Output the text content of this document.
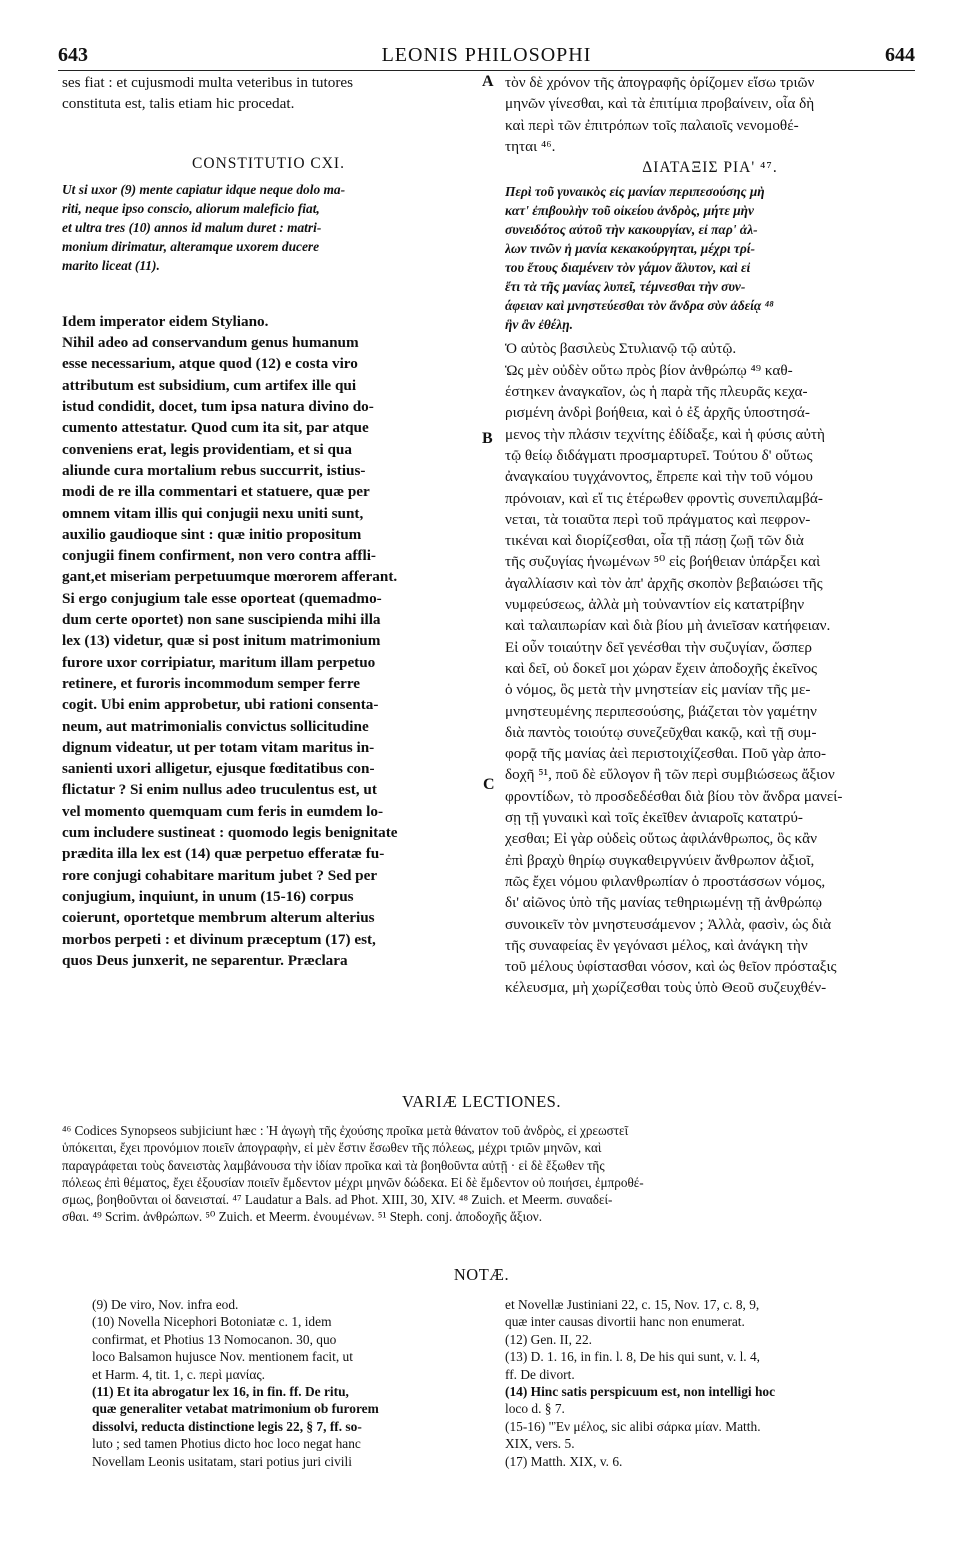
643	LEONIS PHILOSOPHI	644
ses fiat : et cujusmodi multa veteribus in tutores
constituta est, talis etiam hic procedat.
CONSTITUTIO CXI.
Ut si uxor (9) mente capiatur idque neque dolo ma-
riti, neque ipso conscio, aliorum maleficio fiat,
et ultra tres (10) annos id malum duret : matri-
monium dirimatur, alteramque uxorem ducere
marito liceat (11).
Idem imperator eidem Styliano.
Nihil adeo ad conservandum genus humanum
esse necessarium, atque quod (12) e costa viro
attributum est subsidium, cum artifex ille qui
istud condidit, docet, tum ipsa natura divino do-
cumento attestatur. Quod cum ita sit, par atque
conveniens erat, legis providentiam, et si qua
aliunde cura mortalium rebus succurrit, istius-
modi de re illa commentari et statuere, quæ per
omnem vitam illis qui conjugii nexu uniti sunt,
auxilio gaudioque sint : quæ initio propositum
conjugii finem confirment, non vero contra affli-
gant,et miseriam perpetuumque mœrorem afferant.
Si ergo conjugium tale esse oporteat (quemadmo-
dum certe oportet) non sane suscipienda mihi illa
lex (13) videtur, quæ si post initum matrimonium
furore uxor corripiatur, maritum illam perpetuo
retinere, et furoris incommodum semper ferre
cogit. Ubi enim approbetur, ubi rationi consenta-
neum, aut matrimonialis convictus sollicitudine
dignum videatur, ut per totam vitam maritus in-
sanienti uxori alligetur, ejusque fœditatibus con-
flictatur ? Si enim nullus adeo truculentus est, ut
vel momento quemquam cum feris in eumdem lo-
cum includere sustineat : quomodo legis benignitate
prædita illa lex est (14) quæ perpetuo efferatæ fu-
rore conjugi cohabitare maritum jubet ? Sed per
conjugium, inquiunt, in unum (15-16) corpus
coierunt, oportetque membrum alterum alterius
morbos perpeti : et divinum præceptum (17) est,
quos Deus junxerit, ne separentur. Præclara
A
B
C
τὸν δὲ χρόνον τῆς ἀπογραφῆς ὁρίζομεν εἴσω τριῶν
μηνῶν γίνεσθαι, καὶ τὰ ἐπιτίμια προβαίνειν, οἷα δὴ
καὶ περὶ τῶν ἐπιτρόπων τοῖς παλαιοῖς νενομοθέ-
τηται ⁴⁶.
ΔΙΑΤΑΞΙΣ ΡΙΑ' ⁴⁷.
Περὶ τοῦ γυναικὸς εἰς μανίαν περιπεσούσης μὴ
κατ' ἐπιβουλὴν τοῦ οἰκείου ἀνδρὸς, μήτε μὴν
συνειδότος αὐτοῦ τὴν κακουργίαν, εἰ παρ' ἀλ-
λων τινῶν ἡ μανία κεκακούργηται, μέχρι τρί-
του ἔτους διαμένειν τὸν γάμον ἄλυτον, καὶ εἰ
ἔτι τὰ τῆς μανίας λυπεῖ, τέμνεσθαι τὴν συν-
άφειαν καὶ μνηστεύεσθαι τὸν ἄνδρα σὺν ἀδείᾳ ⁴⁸
ἣν ἂν ἐθέλῃ.
Ὁ αὐτὸς βασιλεὺς Στυλιανῷ τῷ αὐτῷ.
Ὡς μὲν οὐδὲν οὕτω πρὸς βίον ἀνθρώπῳ ⁴⁹ καθ-
έστηκεν ἀναγκαῖον, ὡς ἡ παρὰ τῆς πλευρᾶς κεχα-
ρισμένη ἀνδρὶ βοήθεια, καὶ ὁ ἐξ ἀρχῆς ὑποστησά-
μενος τὴν πλάσιν τεχνίτης ἐδίδαξε, καὶ ἡ φύσις αὐτὴ
τῷ θείῳ διδάγματι προσμαρτυρεῖ. Τούτου δ' οὕτως
ἀναγκαίου τυγχάνοντος, ἔπρεπε καὶ τὴν τοῦ νόμου
πρόνοιαν, καὶ εἴ τις ἑτέρωθεν φροντὶς συνεπιλαμβά-
νεται, τὰ τοιαῦτα περὶ τοῦ πράγματος καὶ πεφρον-
τικέναι καὶ διορίζεσθαι, οἷα τῇ πάσῃ ζωῇ τῶν διὰ
τῆς συζυγίας ἡνωμένων ⁵⁰ εἰς βοήθειαν ὑπάρξει καὶ
ἀγαλλίασιν καὶ τὸν ἀπ' ἀρχῆς σκοπὸν βεβαιώσει τῆς
νυμφεύσεως, ἀλλὰ μὴ τοὐναντίον εἰς κατατρίβην
καὶ ταλαιπωρίαν καὶ διὰ βίου μὴ ἀνιεῖσαν κατήφειαν.
Εἰ οὖν τοιαύτην δεῖ γενέσθαι τὴν συζυγίαν, ὥσπερ
καὶ δεῖ, οὐ δοκεῖ μοι χώραν ἔχειν ἀποδοχῆς ἐκεῖνος
ὁ νόμος, ὃς μετὰ τὴν μνηστείαν εἰς μανίαν τῆς με-
μνηστευμένης περιπεσούσης, βιάζεται τὸν γαμέτην
διὰ παντὸς τοιούτῳ συνεζεῦχθαι κακῷ, καὶ τῇ συμ-
φορᾷ τῆς μανίας ἀεὶ περιστοιχίζεσθαι. Ποῦ γὰρ ἀπο-
δοχῆ ⁵¹, ποῦ δὲ εὔλογον ἢ τῶν περὶ συμβιώσεως ἄξιον
φροντίδων, τὸ προσδεδέσθαι διὰ βίου τὸν ἄνδρα μανεί-
σῃ τῇ γυναικὶ καὶ τοῖς ἐκεῖθεν ἀνιαροῖς κατατρύ-
χεσθαι; Εἰ γὰρ οὐδεὶς οὕτως ἀφιλάνθρωπος, ὃς κἂν
ἐπὶ βραχὺ θηρίῳ συγκαθειργνύειν ἄνθρωπον ἀξιοῖ,
πῶς ἔχει νόμου φιλανθρωπίαν ὁ προστάσσων νόμος,
δι' αἰῶνος ὑπὸ τῆς μανίας τεθηριωμένῃ τῇ ἀνθρώπῳ
συνοικεῖν τὸν μνηστευσάμενον ; Ἀλλὰ, φασὶν, ὡς διὰ
τῆς συναφείας ἓν γεγόνασι μέλος, καὶ ἀνάγκη τὴν
τοῦ μέλους ὑφίστασθαι νόσον, καὶ ὡς θεῖον πρόσταξις
κέλευσμα, μὴ χωρίζεσθαι τοὺς ὑπὸ Θεοῦ συζευχθέν-
VARIÆ LECTIONES.
⁴⁶ Codices Synopseos subjiciunt hæc : Ἡ ἀγωγὴ τῆς ἐχούσης προῖκα μετὰ θάνατον τοῦ ἀνδρὸς, εἰ χρεωστεῖ
ὑπόκειται, ἔχει προνόμιον ποιεῖν ἀπογραφὴν, εἰ μὲν ἔστιν ἔσωθεν τῆς πόλεως, μέχρι τριῶν μηνῶν, καὶ
παραγράφεται τοὺς δανειστὰς λαμβάνουσα τὴν ἰδίαν προῖκα καὶ τὰ βοηθοῦντα αὐτῇ · εἰ δὲ ἔξωθεν τῆς
πόλεως ἐπὶ θέματος, ἔχει ἐξουσίαν ποιεῖν ἔμδεντον μέχρι μηνῶν δώδεκα. Εἰ δὲ ἔμδεντον οὐ ποιήσει, ἐμπροθέ-
σμως, βοηθοῦνται οἱ δανεισταί. ⁴⁷ Laudatur a Bals. ad Phot. XIII, 30, XIV. ⁴⁸ Zuich. et Meerm. συναδεί-
σθαι. ⁴⁹ Scrim. ἀνθρώπων. ⁵⁰ Zuich. et Meerm. ἐνουμένων. ⁵¹ Steph. conj. ἀποδοχῆς ἄξιον.
NOTÆ.
(9) De viro, Nov. infra eod.
(10) Novella Nicephori Botoniatæ c. 1, idem
confirmat, et Photius 13 Nomocanon. 30, quo
loco Balsamon hujusce Nov. mentionem facit, ut
et Harm. 4, tit. 1, c. περὶ μανίας.
(11) Et ita abrogatur lex 16, in fin. ff. De ritu,
quæ generaliter vetabat matrimonium ob furorem
dissolvi, reducta distinctione legis 22, § 7, ff. so-
luto ; sed tamen Photius dicto hoc loco negat hanc
Novellam Leonis usitatam, stari potius juri civili
et Novellæ Justiniani 22, c. 15, Nov. 17, c. 8, 9,
quæ inter causas divortii hanc non enumerat.
(12) Gen. II, 22.
(13) D. 1. 16, in fin. l. 8, De his qui sunt, v. l. 4,
ff. De divort.
(14) Hinc satis perspicuum est, non intelligi hoc
loco d. § 7.
(15-16) "Ἐν μέλος, sic alibi σάρκα μίαν. Matth.
XIX, vers. 5.
(17) Matth. XIX, v. 6.
